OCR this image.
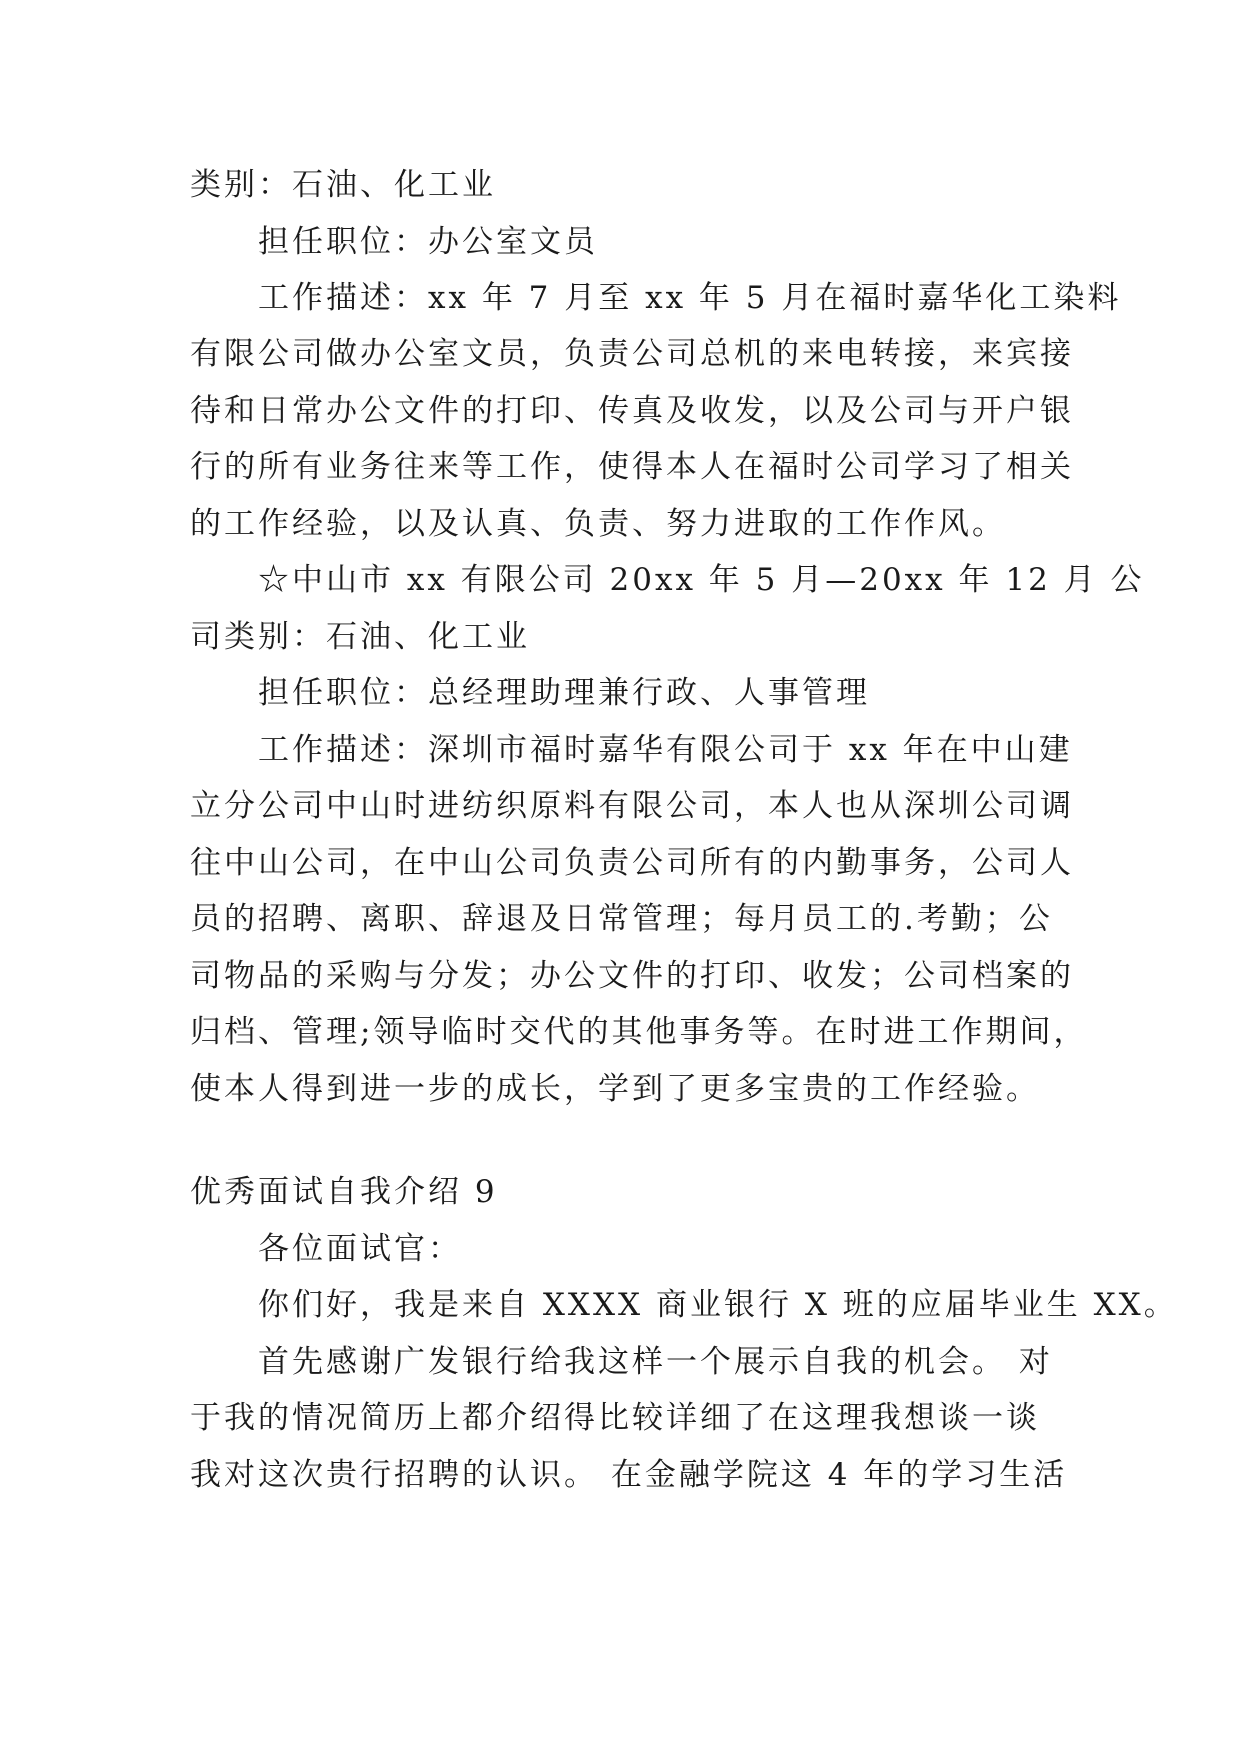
类别：石油、化工业
担任职位：办公室文员
工作描述：xx 年 7 月至 xx 年 5 月在福时嘉华化工染料
有限公司做办公室文员，负责公司总机的来电转接，来宾接
待和日常办公文件的打印、传真及收发，以及公司与开户银
行的所有业务往来等工作，使得本人在福时公司学习了相关
的工作经验，以及认真、负责、努力进取的工作作风。
☆中山市 xx 有限公司 20xx 年 5 月—20xx 年 12 月 公
司类别：石油、化工业
担任职位：总经理助理兼行政、人事管理
工作描述：深圳市福时嘉华有限公司于 xx 年在中山建
立分公司中山时进纺织原料有限公司，本人也从深圳公司调
往中山公司，在中山公司负责公司所有的内勤事务，公司人
员的招聘、离职、辞退及日常管理；每月员工的.考勤；公
司物品的采购与分发；办公文件的打印、收发；公司档案的
归档、管理;领导临时交代的其他事务等。在时进工作期间，
使本人得到进一步的成长，学到了更多宝贵的工作经验。
优秀面试自我介绍 9
各位面试官：
你们好，我是来自 XXXX 商业银行 X 班的应届毕业生 XX。
首先感谢广发银行给我这样一个展示自我的机会。 对
于我的情况简历上都介绍得比较详细了在这理我想谈一谈
我对这次贵行招聘的认识。 在金融学院这 4 年的学习生活
